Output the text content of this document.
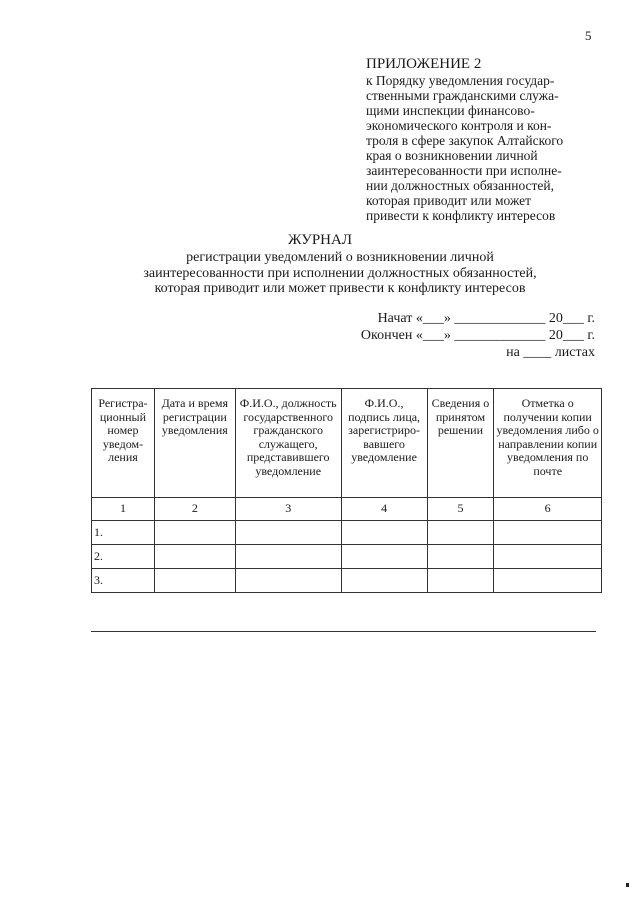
5
ПРИЛОЖЕНИЕ 2
к Порядку уведомления государ-
ственными гражданскими служа-
щими инспекции финансово-
экономического контроля и кон-
троля в сфере закупок Алтайского
края о возникновении личной
заинтересованности при исполне-
нии должностных обязанностей,
которая приводит или может
привести к конфликту интересов
ЖУРНАЛ
регистрации уведомлений о возникновении личной
заинтересованности при исполнении должностных обязанностей,
которая приводит или может привести к конфликту интересов
Начат «___» _____________ 20___ г.
Окончен «___» _____________ 20___ г.
на ____ листах
Регистра-ционный номер уведом-ления	Дата и время регистрации уведомления	Ф.И.О., должность государственного гражданского служащего, представившего уведомление	Ф.И.О., подпись лица, зарегистриро-вавшего уведомление	Сведения о принятом решении	Отметка о получении копии уведомления либо о направлении копии уведомления по почте
1	2	3	4	5	6
1.					
2.					
3.					
